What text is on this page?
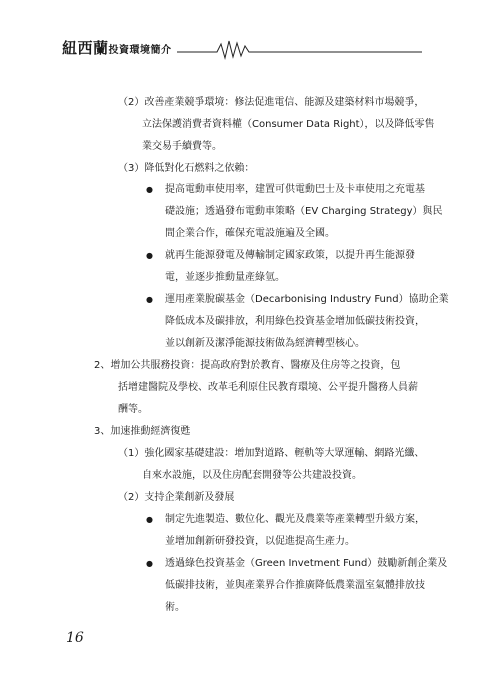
紐西蘭投資環境簡介
（2）改善產業競爭環境：修法促進電信、能源及建築材料市場競爭，
立法保護消費者資料權（Consumer Data Right），以及降低零售
業交易手續費等。
（3）降低對化石燃料之依賴：
● 提高電動車使用率，建置可供電動巴士及卡車使用之充電基
礎設施；透過發布電動車策略（EV Charging Strategy）與民
間企業合作，確保充電設施遍及全國。
● 就再生能源發電及傳輸制定國家政策，以提升再生能源發
電，並逐步推動量產綠氫。
● 運用產業脫碳基金（Decarbonising Industry Fund）協助企業
降低成本及碳排放，利用綠色投資基金增加低碳技術投資，
並以創新及潔淨能源技術做為經濟轉型核心。
2、增加公共服務投資：提高政府對於教育、醫療及住房等之投資，包
括增建醫院及學校、改革毛利原住民教育環境、公平提升醫務人員薪
酬等。
3、加速推動經濟復甦
（1）強化國家基礎建設：增加對道路、輕軌等大眾運輸、網路光纖、
自來水設施，以及住房配套開發等公共建設投資。
（2）支持企業創新及發展
● 制定先進製造、數位化、觀光及農業等產業轉型升級方案，
並增加創新研發投資，以促進提高生產力。
● 透過綠色投資基金（Green Invetment Fund）鼓勵新創企業及
低碳排技術，並與產業界合作推廣降低農業溫室氣體排放技
術。
16
